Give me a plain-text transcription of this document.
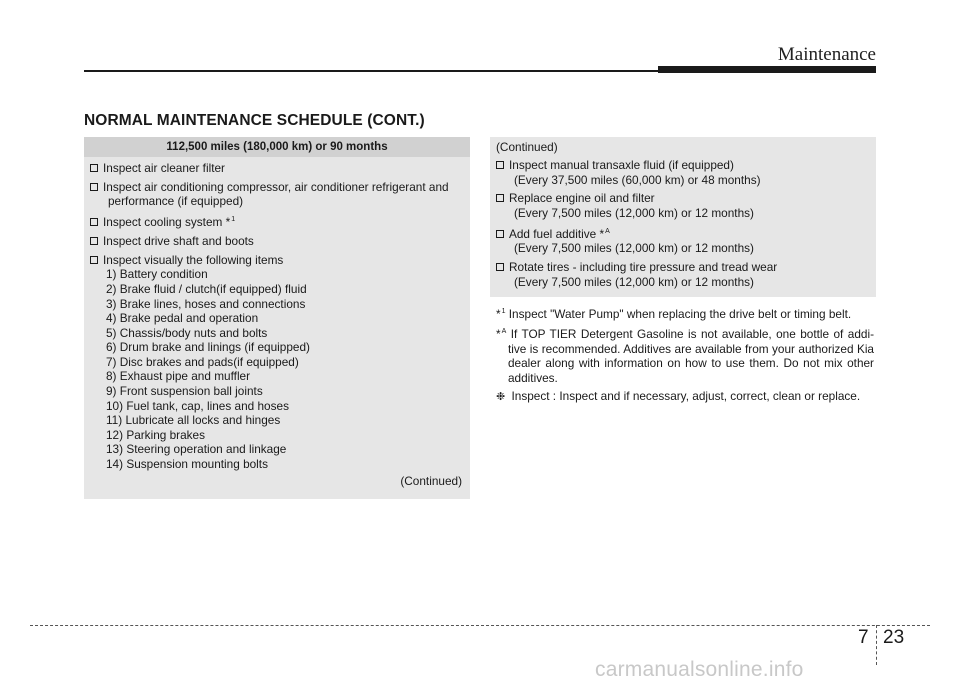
Maintenance
NORMAL MAINTENANCE SCHEDULE (CONT.)
112,500 miles (180,000 km) or 90 months
Inspect air cleaner filter
Inspect air conditioning compressor, air conditioner refrigerant and
performance (if equipped)
Inspect cooling system *$^1$
Inspect drive shaft and boots
Inspect visually the following items
1) Battery condition
2) Brake fluid / clutch(if equipped) fluid
3) Brake lines, hoses and connections
4) Brake pedal and operation
5) Chassis/body nuts and bolts
6) Drum brake and linings (if equipped)
7) Disc brakes and pads(if equipped)
8) Exhaust pipe and muffler
9) Front suspension ball joints
10) Fuel tank, cap, lines and hoses
11) Lubricate all locks and hinges
12) Parking brakes
13) Steering operation and linkage
14) Suspension mounting bolts
(Continued)
(Continued)
Inspect manual transaxle fluid (if equipped)
(Every 37,500 miles (60,000 km) or 48 months)
Replace engine oil and filter
(Every 7,500 miles (12,000 km) or 12 months)
Add fuel additive *$^A$
(Every 7,500 miles (12,000 km) or 12 months)
Rotate tires - including tire pressure and tread wear
(Every 7,500 miles (12,000 km) or 12 months)
*$^1$ Inspect "Water Pump" when replacing the drive belt or timing belt.
*$^A$ If TOP TIER Detergent Gasoline is not available, one bottle of addi-tive is recommended. Additives are available from your authorized Kia dealer along with information on how to use them. Do not mix other additives.
❉ Inspect : Inspect and if necessary, adjust, correct, clean or replace.
7 23
carmanualsonline.info
